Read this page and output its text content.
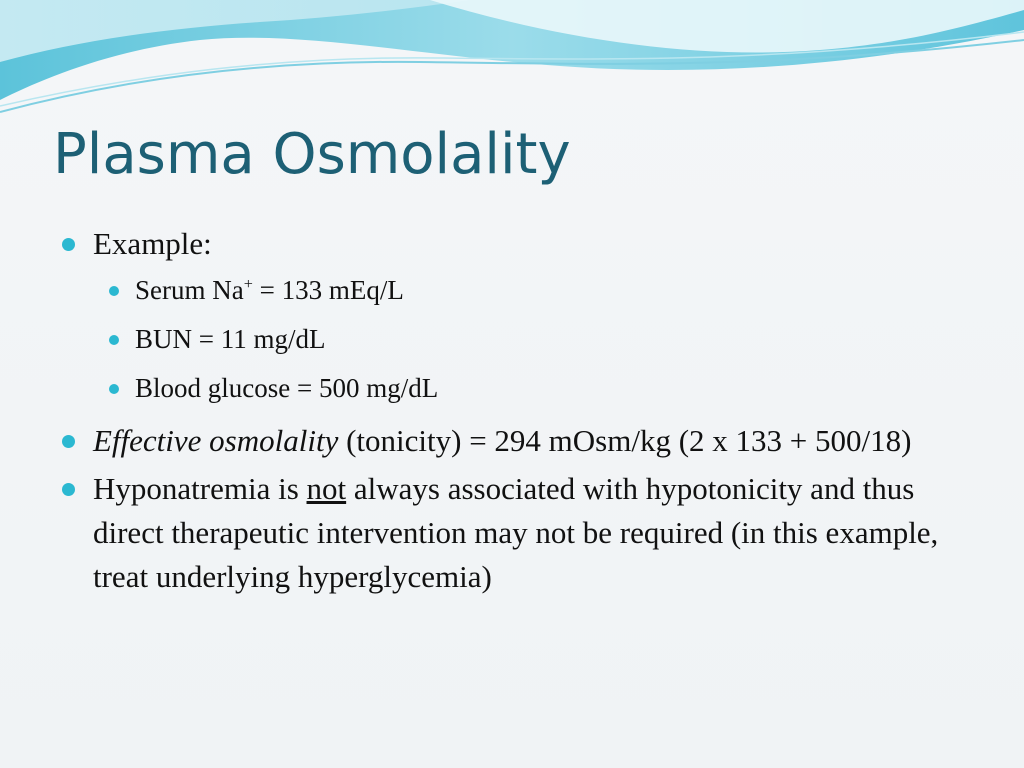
Plasma Osmolality
Example:
Serum Na+ = 133 mEq/L
BUN = 11 mg/dL
Blood glucose = 500 mg/dL
Effective osmolality (tonicity) = 294 mOsm/kg (2 x 133 + 500/18)
Hyponatremia is not always associated with hypotonicity and thus direct therapeutic intervention may not be required (in this example, treat underlying hyperglycemia)
